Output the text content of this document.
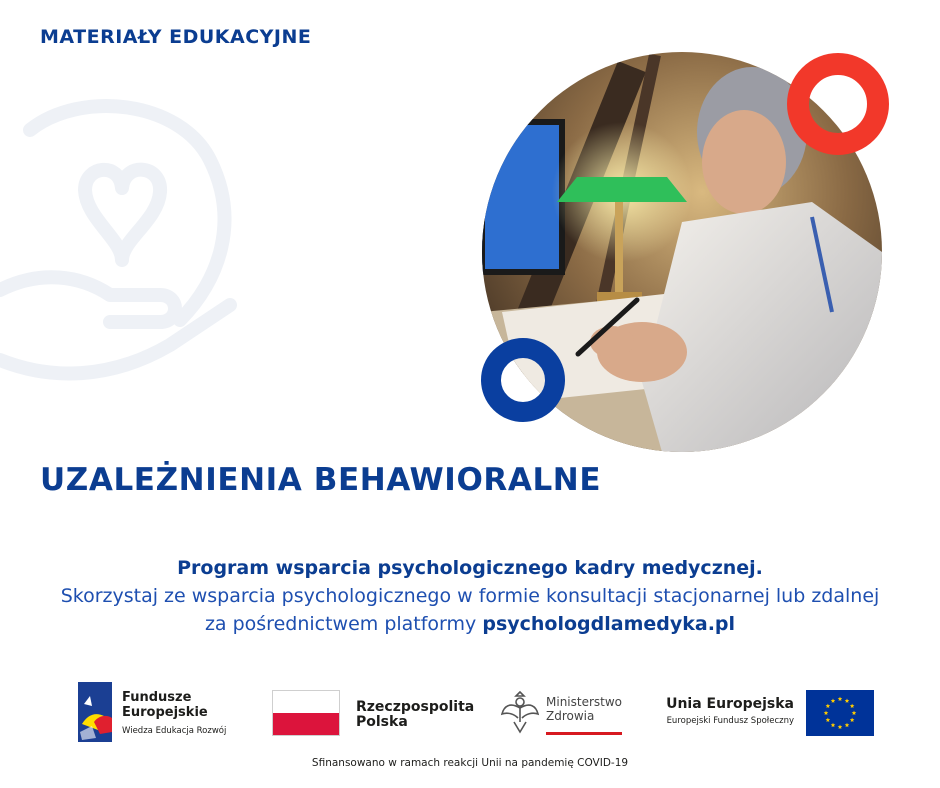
MATERIAŁY EDUKACYJNE
UZALEŻNIENIA BEHAWIORALNE
Program wsparcia psychologicznego kadry medycznej.
Skorzystaj ze wsparcia psychologicznego w formie konsultacji stacjonarnej lub zdalnej
za pośrednictwem platformy psychologdlamedyka.pl
Fundusze
Europejskie
Wiedza Edukacja Rozwój
Rzeczpospolita
Polska
Ministerstwo
Zdrowia
Unia Europejska
Europejski Fundusz Społeczny
Sfinansowano w ramach reakcji Unii na pandemię COVID-19
